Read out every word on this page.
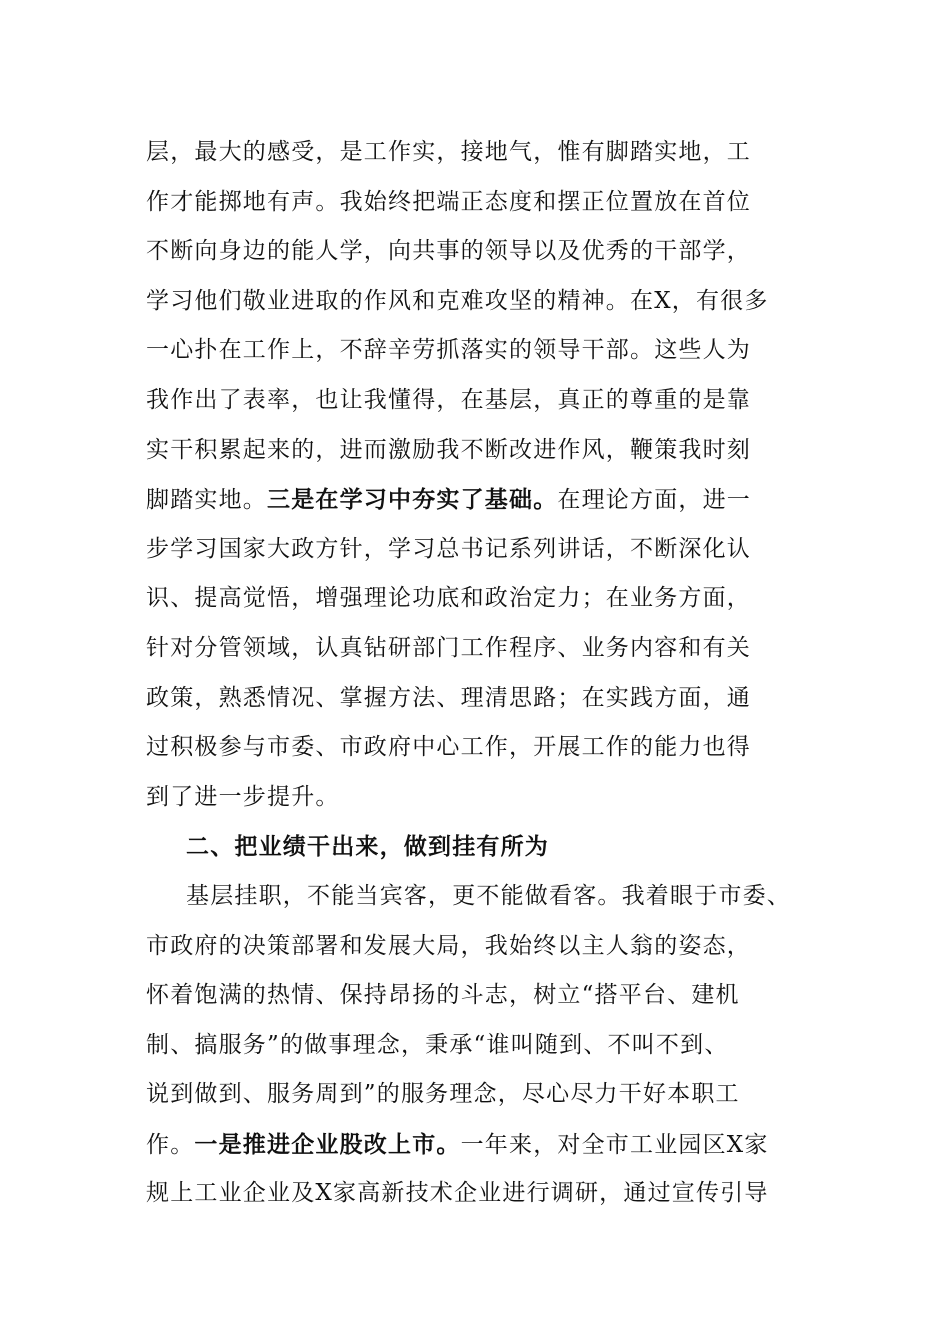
层，最大的感受，是工作实，接地气，惟有脚踏实地，工
作才能掷地有声。我始终把端正态度和摆正位置放在首位
不断向身边的能人学，向共事的领导以及优秀的干部学，
学习他们敬业进取的作风和克难攻坚的精神。在X，有很多
一心扑在工作上，不辞辛劳抓落实的领导干部。这些人为
我作出了表率，也让我懂得，在基层，真正的尊重的是靠
实干积累起来的，进而激励我不断改进作风，鞭策我时刻
脚踏实地。三是在学习中夯实了基础。在理论方面，进一
步学习国家大政方针，学习总书记系列讲话，不断深化认
识、提高觉悟，增强理论功底和政治定力；在业务方面，
针对分管领域，认真钻研部门工作程序、业务内容和有关
政策，熟悉情况、掌握方法、理清思路；在实践方面，通
过积极参与市委、市政府中心工作，开展工作的能力也得
到了进一步提升。
二、把业绩干出来，做到挂有所为
基层挂职，不能当宾客，更不能做看客。我着眼于市委、
市政府的决策部署和发展大局，我始终以主人翁的姿态，
怀着饱满的热情、保持昂扬的斗志，树立“搭平台、建机
制、搞服务”的做事理念，秉承“谁叫随到、不叫不到、
说到做到、服务周到”的服务理念，尽心尽力干好本职工
作。一是推进企业股改上市。一年来，对全市工业园区X家
规上工业企业及X家高新技术企业进行调研，通过宣传引导
